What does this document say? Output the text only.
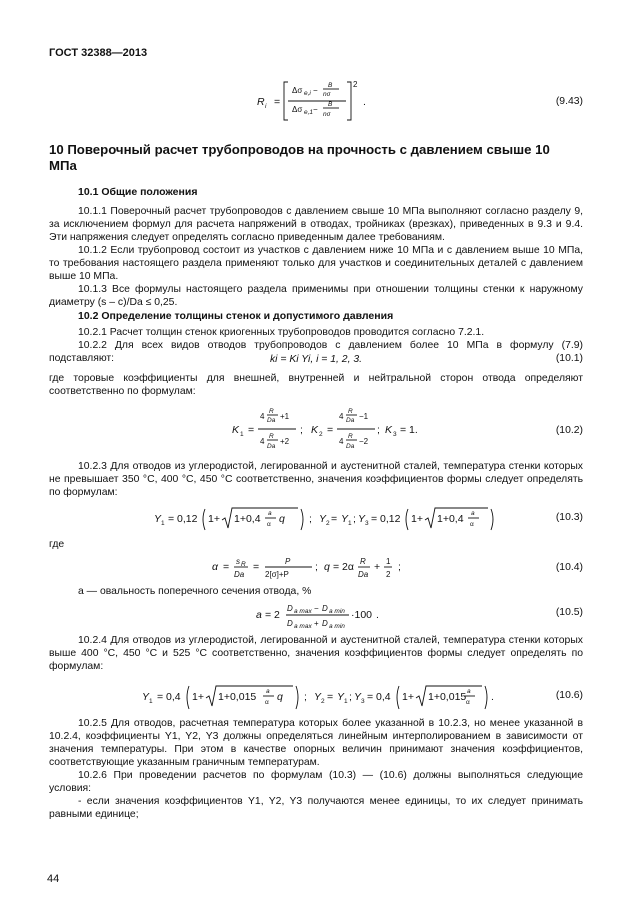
ГОСТ 32388—2013
R i =
2
Δσ e,i −
B
nσ
Δσ e,1 −
B
nσ
.	(9.43)
10 Поверочный расчет трубопроводов на прочность с давлением свыше 10 МПа
10.1 Общие положения
10.1.1 Поверочный расчет трубопроводов с давлением свыше 10 МПа выполняют согласно разделу 9, за исключением формул для расчета напряжений в отводах, тройниках (врезках), приведенных в 9.3 и 9.4. Эти напряжения следует определять согласно приведенным далее требованиям.
10.1.2 Если трубопровод состоит из участков с давлением ниже 10 МПа и с давлением выше 10 МПа, то требования настоящего раздела применяют только для участков и соединительных деталей с давлением выше 10 МПа.
10.1.3 Все формулы настоящего раздела применимы при отношении толщины стенки к наружному диаметру (s – c)/Da ≤ 0,25.
10.2 Определение толщины стенок и допустимого давления
10.2.1 Расчет толщин стенок криогенных трубопроводов проводится согласно 7.2.1.
10.2.2 Для всех видов отводов трубопроводов с давлением более 10 МПа в формулу (7.9) подставляют:	ki = Ki Yi, i = 1, 2, 3.	(10.1)
где торовые коэффициенты для внешней, внутренней и нейтральной сторон отвода определяют соответственно по формулам:
K 1 =
4
R
Da +1
4
R
Da
+2
; K 2 =
4
R
Da −1
4
R
Da
−2
; K 3 = 1.	(10.2)
10.2.3 Для отводов из углеродистой, легированной и аустенитной сталей, температура стенки которых не превышает 350 °С, 400 °С, 450 °С соответственно, значения коэффициентов формы следует определять по формулам:
Y 1 = 0,12 1+ 1+0,4 a
α q ; Y 2 = Y 1 ; Y 3 = 0,12 1+ 1+0,4 a
α
(10.3)
где
α = s R
Da
=	P
2[σ]+P
; q = 2α R
Da
+ 1
2
;	(10.4)
a — овальность поперечного сечения отвода, %
a = 2
D a max − D a min
D a max + D a min
·100 .	(10.5)
10.2.4 Для отводов из углеродистой, легированной и аустенитной сталей, температура стенки которых выше 400 °С, 450 °С и 525 °С соответственно, значения коэффициентов формы следует определять по формулам:
Y 1 = 0,4 1+ 1+0,015 a
α q ; Y 2 = Y 1 ; Y 3 = 0,4 1+ 1+0,015 a
α .	(10.6)
10.2.5 Для отводов, расчетная температура которых более указанной в 10.2.3, но менее указанной в 10.2.4, коэффициенты Y1, Y2, Y3 должны определяться линейным интерполированием в зависимости от значения температуры. При этом в качестве опорных величин принимают значения коэффициентов, соответствующие указанным граничным температурам.
10.2.6 При проведении расчетов по формулам (10.3) — (10.6) должны выполняться следующие условия:
- если значения коэффициентов Y1, Y2, Y3 получаются менее единицы, то их следует принимать равными единице;
44
